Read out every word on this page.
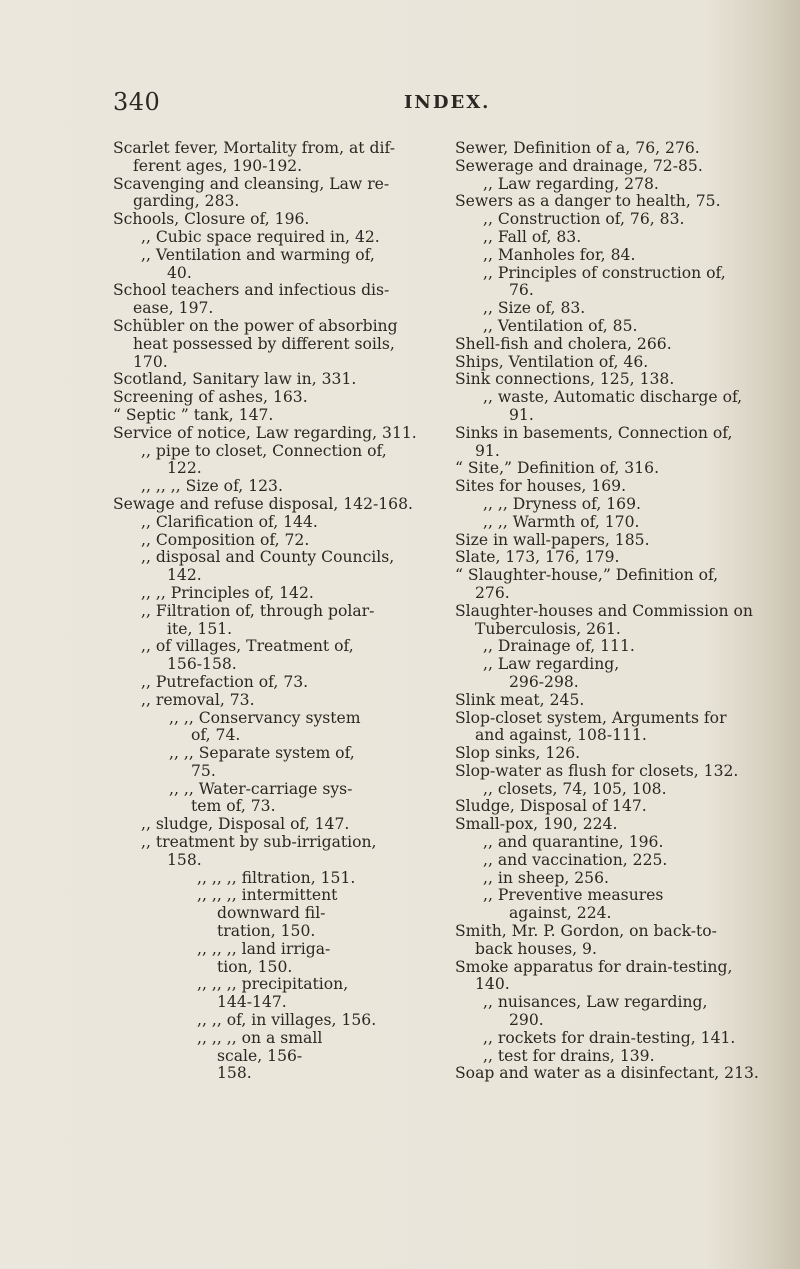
340	INDEX.
Scarlet fever, Mortality from, at dif-
ferent ages, 190-192.
Scavenging and cleansing, Law re-
garding, 283.
Schools, Closure of, 196.
,, Cubic space required in, 42.
,, Ventilation and warming of,
40.
School teachers and infectious dis-
ease, 197.
Schübler on the power of absorbing
heat possessed by different soils,
170.
Scotland, Sanitary law in, 331.
Screening of ashes, 163.
“ Septic ” tank, 147.
Service of notice, Law regarding, 311.
,, pipe to closet, Connection of,
122.
,, ,, ,, Size of, 123.
Sewage and refuse disposal, 142-168.
,, Clarification of, 144.
,, Composition of, 72.
,, disposal and County Councils,
142.
,, ,, Principles of, 142.
,, Filtration of, through polar-
ite, 151.
,, of villages, Treatment of,
156-158.
,, Putrefaction of, 73.
,, removal, 73.
,, ,, Conservancy system
of, 74.
,, ,, Separate system of,
75.
,, ,, Water-carriage sys-
tem of, 73.
,, sludge, Disposal of, 147.
,, treatment by sub-irrigation,
158.
,, ,, ,, filtration, 151.
,, ,, ,, intermittent
downward fil-
tration, 150.
,, ,, ,, land irriga-
tion, 150.
,, ,, ,, precipitation,
144-147.
,, ,, of, in villages, 156.
,, ,, ,, on a small
scale, 156-
158.
Sewer, Definition of a, 76, 276.
Sewerage and drainage, 72-85.
,, Law regarding, 278.
Sewers as a danger to health, 75.
,, Construction of, 76, 83.
,, Fall of, 83.
,, Manholes for, 84.
,, Principles of construction of,
76.
,, Size of, 83.
,, Ventilation of, 85.
Shell-fish and cholera, 266.
Ships, Ventilation of, 46.
Sink connections, 125, 138.
,, waste, Automatic discharge of,
91.
Sinks in basements, Connection of,
91.
“ Site,” Definition of, 316.
Sites for houses, 169.
,, ,, Dryness of, 169.
,, ,, Warmth of, 170.
Size in wall-papers, 185.
Slate, 173, 176, 179.
“ Slaughter-house,” Definition of,
276.
Slaughter-houses and Commission on
Tuberculosis, 261.
,, Drainage of, 111.
,, Law regarding,
296-298.
Slink meat, 245.
Slop-closet system, Arguments for
and against, 108-111.
Slop sinks, 126.
Slop-water as flush for closets, 132.
,, closets, 74, 105, 108.
Sludge, Disposal of 147.
Small-pox, 190, 224.
,, and quarantine, 196.
,, and vaccination, 225.
,, in sheep, 256.
,, Preventive measures
against, 224.
Smith, Mr. P. Gordon, on back-to-
back houses, 9.
Smoke apparatus for drain-testing,
140.
,, nuisances, Law regarding,
290.
,, rockets for drain-testing, 141.
,, test for drains, 139.
Soap and water as a disinfectant, 213.
